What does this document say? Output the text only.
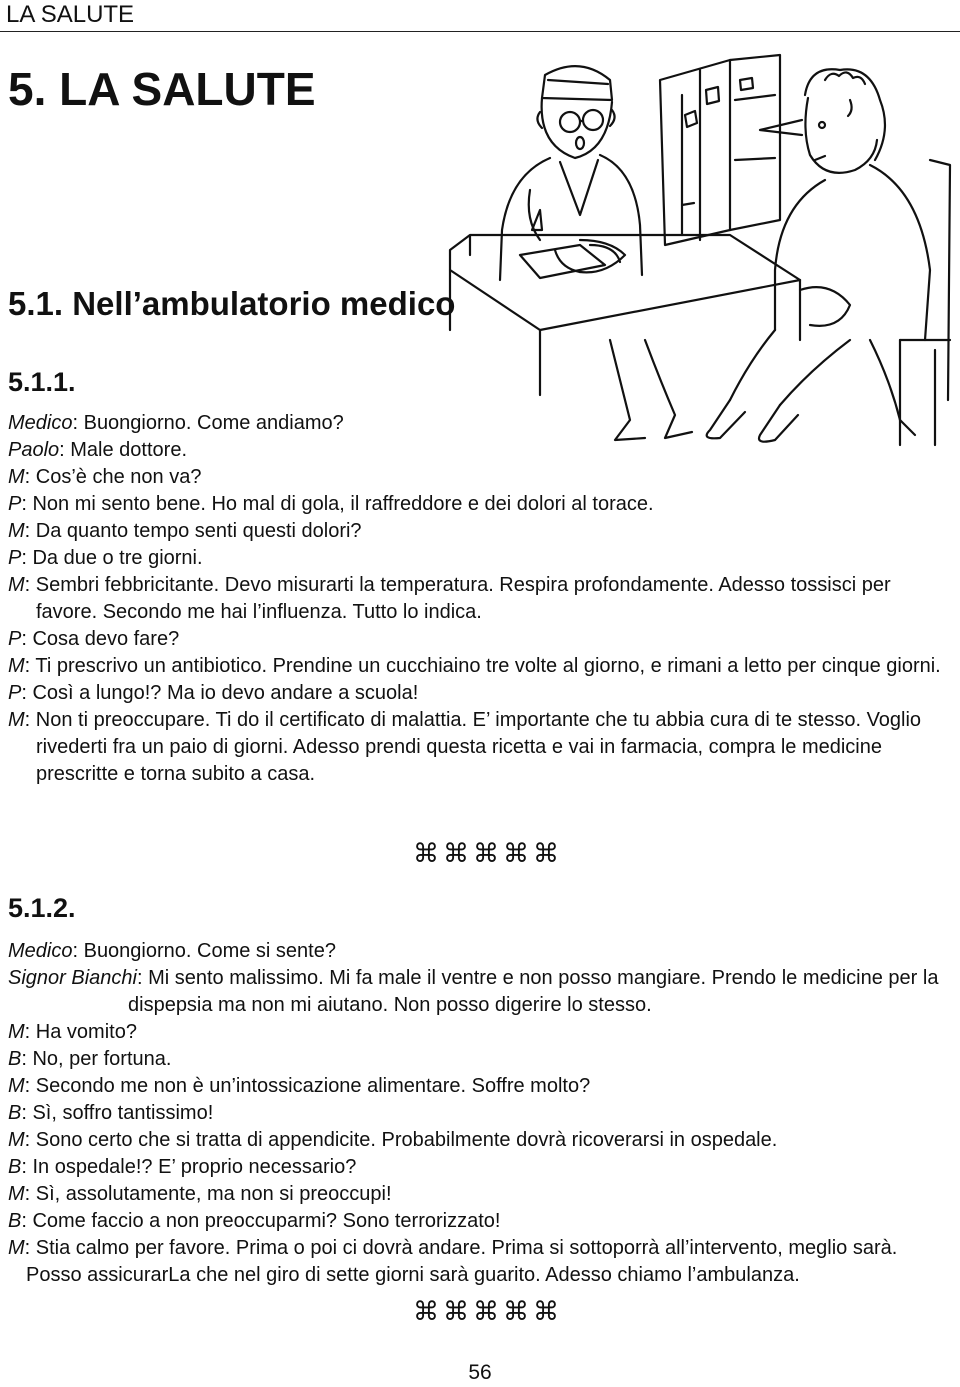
LA SALUTE
5. LA SALUTE
5.1. Nell’ambulatorio medico
5.1.1.

Medico: Buongiorno. Come andiamo?

Paolo: Male dottore.

M: Cos’è che non va?

P: Non mi sento bene. Ho mal di gola, il raffreddore e dei dolori al torace.

M: Da quanto tempo senti questi dolori?

P: Da due o tre giorni.

M: Sembri febbricitante. Devo misurarti la temperatura. Respira profondamente. Adesso tossisci per favore. Secondo me hai l’influenza. Tutto lo indica.

P: Cosa devo fare?

M: Ti prescrivo un antibiotico. Prendine un cucchiaino tre volte al giorno, e rimani a letto per cinque giorni.

P: Così a lungo!? Ma io devo andare a scuola!

M: Non ti preoccupare. Ti do il certificato di malattia. E’ importante che tu abbia cura di te stesso. Voglio rivederti fra un paio di giorni. Adesso prendi questa ricetta e vai in farmacia, compra le medicine prescritte e torna subito a casa.

⌘⌘⌘⌘⌘
5.1.2.

Medico: Buongiorno. Come si sente?

Signor Bianchi: Mi sento malissimo. Mi fa male il ventre e non posso mangiare. Prendo le medicine per la dispepsia ma non mi aiutano. Non posso digerire lo stesso.

M: Ha vomito?

B: No, per fortuna.

M: Secondo me non è un’intossicazione alimentare. Soffre molto?

B: Sì, soffro tantissimo!

M: Sono certo che si tratta di appendicite. Probabilmente dovrà ricoverarsi in ospedale.

B: In ospedale!? E’ proprio necessario?

M: Sì, assolutamente, ma non si preoccupi!

B: Come faccio a non preoccuparmi? Sono terrorizzato!

M: Stia calmo per favore. Prima o poi ci dovrà andare. Prima si sottoporrà all’intervento, meglio sarà. Posso assicurarLa che nel giro di sette giorni sarà guarito. Adesso chiamo l’ambulanza.

⌘⌘⌘⌘⌘
56
